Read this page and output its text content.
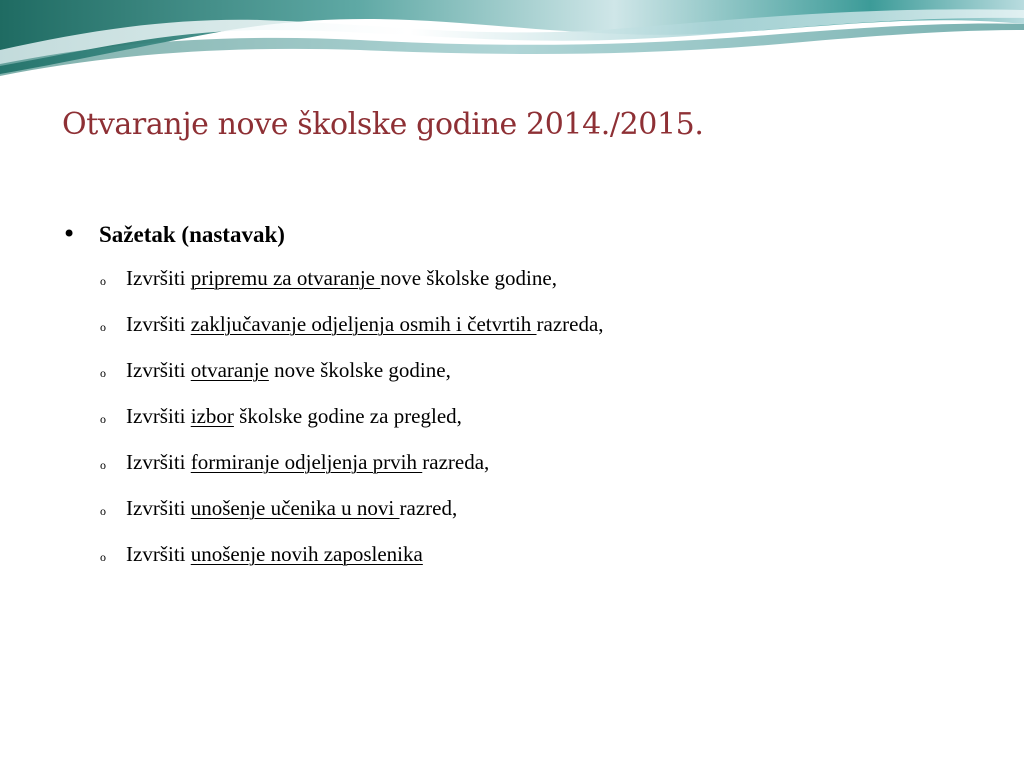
Otvaranje nove školske godine 2014./2015.
• Sažetak (nastavak)
o Izvršiti pripremu za otvaranje nove školske godine,
o Izvršiti zaključavanje odjeljenja osmih i četvrtih razreda,
o Izvršiti otvaranje nove školske godine,
o Izvršiti izbor školske godine za pregled,
o Izvršiti formiranje odjeljenja prvih razreda,
o Izvršiti unošenje učenika u novi razred,
o Izvršiti unošenje novih zaposlenika
